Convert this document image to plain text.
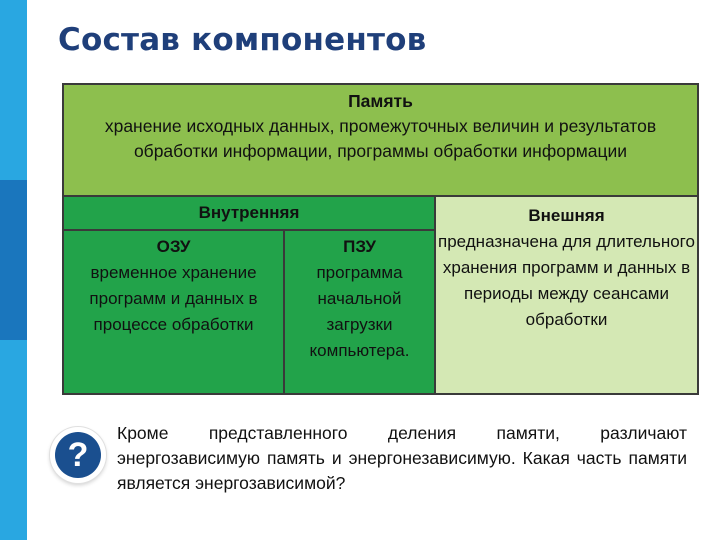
Состав компонентов
Память
хранение исходных данных, промежуточных величин и результатов обработки информации, программы обработки информации
Внутренняя
ОЗУ
временное хранение программ и данных в процессе обработки
ПЗУ
программа начальной загрузки компьютера.
Внешняя
предназначена для длительного хранения программ и данных в периоды между сеансами обработки
?
Кроме представленного деления памяти, различают энергозависимую память и энергонезависимую. Какая часть памяти является энергозависимой?
